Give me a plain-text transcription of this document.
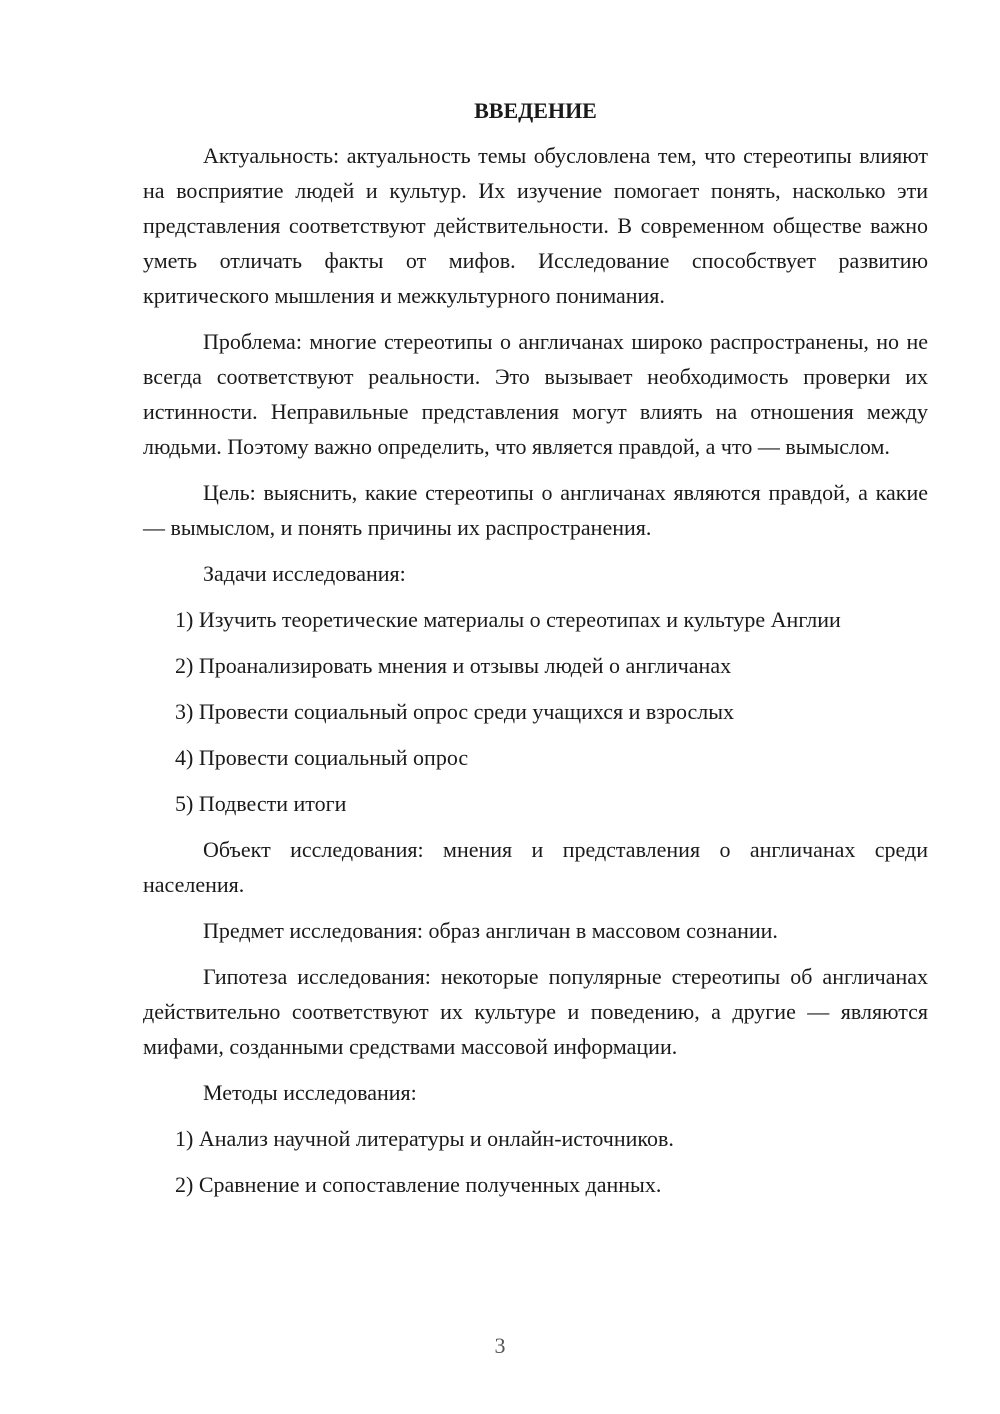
ВВЕДЕНИЕ

Актуальность: актуальность темы обусловлена тем, что стереотипы влияют на восприятие людей и культур. Их изучение помогает понять, насколько эти представления соответствуют действительности. В современном обществе важно уметь отличать факты от мифов. Исследование способствует развитию критического мышления и межкультурного понимания.

Проблема: многие стереотипы о англичанах широко распространены, но не всегда соответствуют реальности. Это вызывает необходимость проверки их истинности. Неправильные представления могут влиять на отношения между людьми. Поэтому важно определить, что является правдой, а что — вымыслом.

Цель: выяснить, какие стереотипы о англичанах являются правдой, а какие — вымыслом, и понять причины их распространения.

Задачи исследования:

1) Изучить теоретические материалы о стереотипах и культуре Англии

2) Проанализировать мнения и отзывы людей о англичанах

3) Провести социальный опрос среди учащихся и взрослых

4) Провести социальный опрос

5) Подвести итоги

Объект исследования: мнения и представления о англичанах среди населения.

Предмет исследования: образ англичан в массовом сознании.

Гипотеза исследования: некоторые популярные стереотипы об англичанах действительно соответствуют их культуре и поведению, а другие — являются мифами, созданными средствами массовой информации.

Методы исследования:

1) Анализ научной литературы и онлайн-источников.

2) Сравнение и сопоставление полученных данных.

3
